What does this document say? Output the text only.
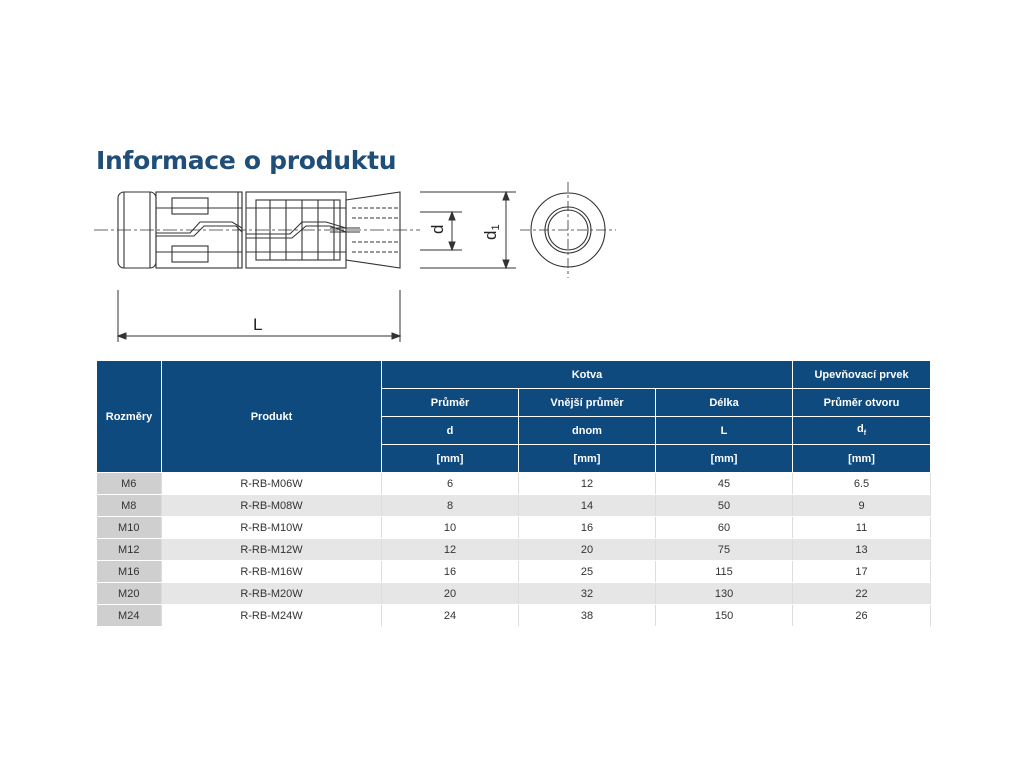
Informace o produktu
d
d1
L
Rozměry	Produkt	Kotva			Upevňovací prvek
		Průměr	Vnější průměr	Délka	Průměr otvoru
		d	dnom	L	$d_f$
		[mm]	[mm]	[mm]	[mm]
M6	R-RB-M06W	6	12	45	6.5
M8	R-RB-M08W	8	14	50	9
M10	R-RB-M10W	10	16	60	11
M12	R-RB-M12W	12	20	75	13
M16	R-RB-M16W	16	25	115	17
M20	R-RB-M20W	20	32	130	22
M24	R-RB-M24W	24	38	150	26
